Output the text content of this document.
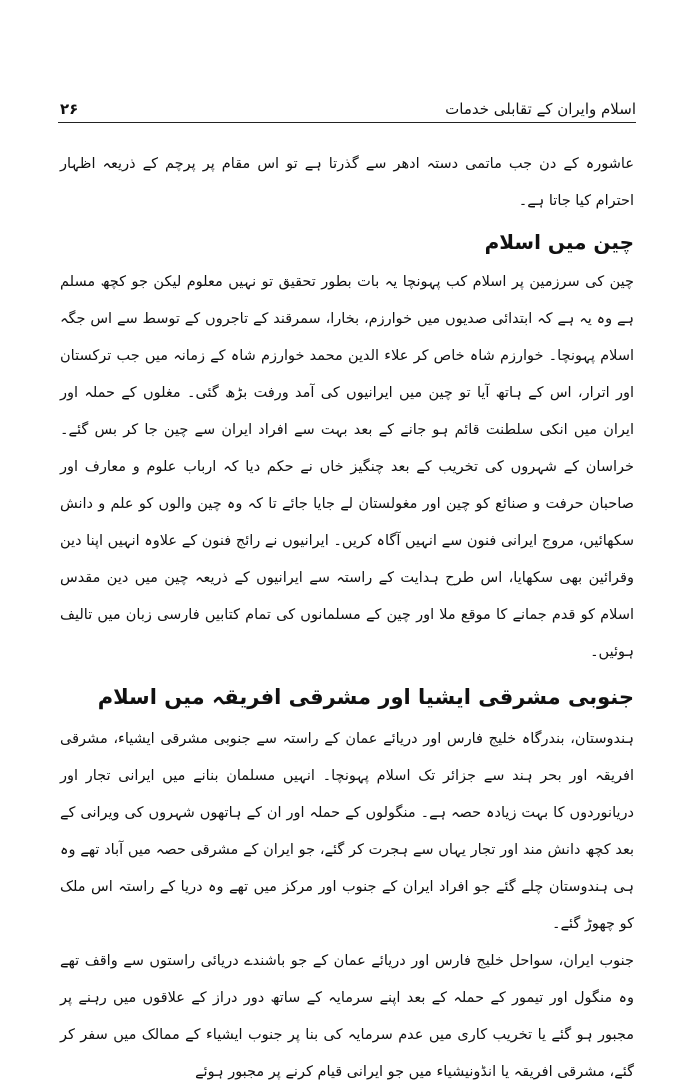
اسلام وایران کے تقابلی خدمات
۲۶

عاشورہ کے دن جب ماتمی دستہ ادھر سے گذرتا ہے تو اس مقام پر پرچم کے ذریعہ اظہار احترام کیا جاتا ہے۔

چین میں اسلام

چین کی سرزمین پر اسلام کب پہونچا یہ بات بطور تحقیق تو نہیں معلوم لیکن جو کچھ مسلم ہے وہ یہ ہے کہ ابتدائی صدیوں میں خوارزم، بخارا، سمرقند کے تاجروں کے توسط سے اس جگہ اسلام پہونچا۔ خوارزم شاہ خاص کر علاء الدین محمد خوارزم شاہ کے زمانہ میں جب ترکستان اور اترار، اس کے ہاتھ آیا تو چین میں ایرانیوں کی آمد ورفت بڑھ گئی۔ مغلوں کے حملہ اور ایران میں انکی سلطنت قائم ہو جانے کے بعد بہت سے افراد ایران سے چین جا کر بس گئے۔ خراسان کے شہروں کی تخریب کے بعد چنگیز خاں نے حکم دیا کہ ارباب علوم و معارف اور صاحبان حرفت و صنائع کو چین اور مغولستان لے جایا جائے تا کہ وہ چین والوں کو علم و دانش سکھائیں، مروج ایرانی فنون سے انہیں آگاہ کریں۔ ایرانیوں نے رائج فنون کے علاوہ انہیں اپنا دین وقرائین بھی سکھایا، اس طرح ہدایت کے راستہ سے ایرانیوں کے ذریعہ چین میں دین مقدس اسلام کو قدم جمانے کا موقع ملا اور چین کے مسلمانوں کی تمام کتابیں فارسی زبان میں تالیف ہوئیں۔

جنوبی مشرقی ایشیا اور مشرقی افریقہ میں اسلام

ہندوستان، بندرگاہ خلیج فارس اور دریائے عمان کے راستہ سے جنوبی مشرقی ایشیاء، مشرقی افریقہ اور بحر ہند سے جزائر تک اسلام پہونچا۔ انہیں مسلمان بنانے میں ایرانی تجار اور دریانوردوں کا بہت زیادہ حصہ ہے۔ منگولوں کے حملہ اور ان کے ہاتھوں شہروں کی ویرانی کے بعد کچھ دانش مند اور تجار یہاں سے ہجرت کر گئے، جو ایران کے مشرقی حصہ میں آباد تھے وہ ہی ہندوستان چلے گئے جو افراد ایران کے جنوب اور مرکز میں تھے وہ دریا کے راستہ اس ملک کو چھوڑ گئے۔

جنوب ایران، سواحل خلیج فارس اور دریائے عمان کے جو باشندے دریائی راستوں سے واقف تھے وہ منگول اور تیمور کے حملہ کے بعد اپنے سرمایہ کے ساتھ دور دراز کے علاقوں میں رہنے پر مجبور ہو گئے یا تخریب کاری میں عدم سرمایہ کی بنا پر جنوب ایشیاء کے ممالک میں سفر کر گئے، مشرقی افریقہ یا انڈونیشیاء میں جو ایرانی قیام کرنے پر مجبور ہوئے
